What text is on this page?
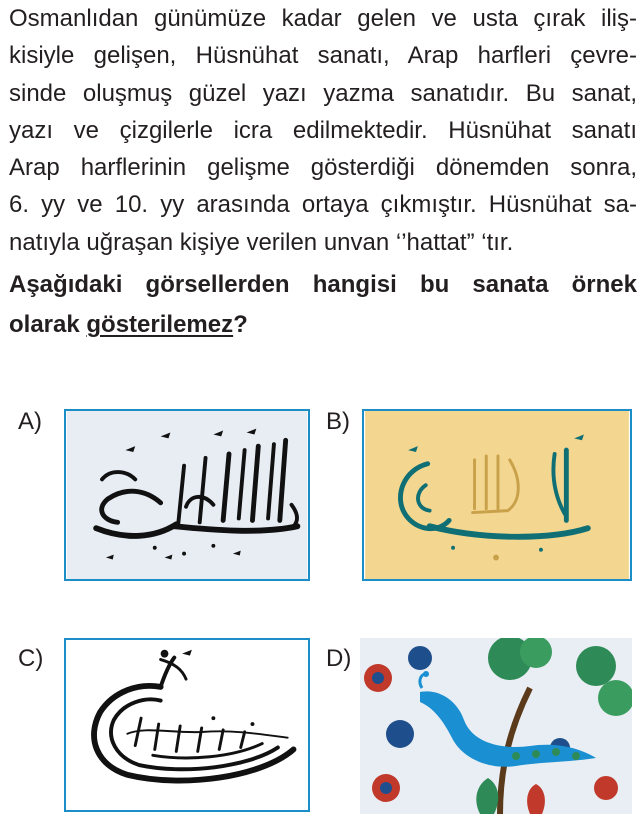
Osmanlıdan günümüze kadar gelen ve usta çırak iliş-
kisiyle gelişen, Hüsnühat sanatı, Arap harfleri çevre-
sinde oluşmuş güzel yazı yazma sanatıdır. Bu sanat,
yazı ve çizgilerle icra edilmektedir. Hüsnühat sanatı
Arap harflerinin gelişme gösterdiği dönemden sonra,
6. yy ve 10. yy arasında ortaya çıkmıştır. Hüsnühat sa-
natıyla uğraşan kişiye verilen unvan ‘’hattat” ‘tır.
Aşağıdaki görsellerden hangisi bu sanata örnek
olarak gösterilemez?
A)	B)
C)	D)
